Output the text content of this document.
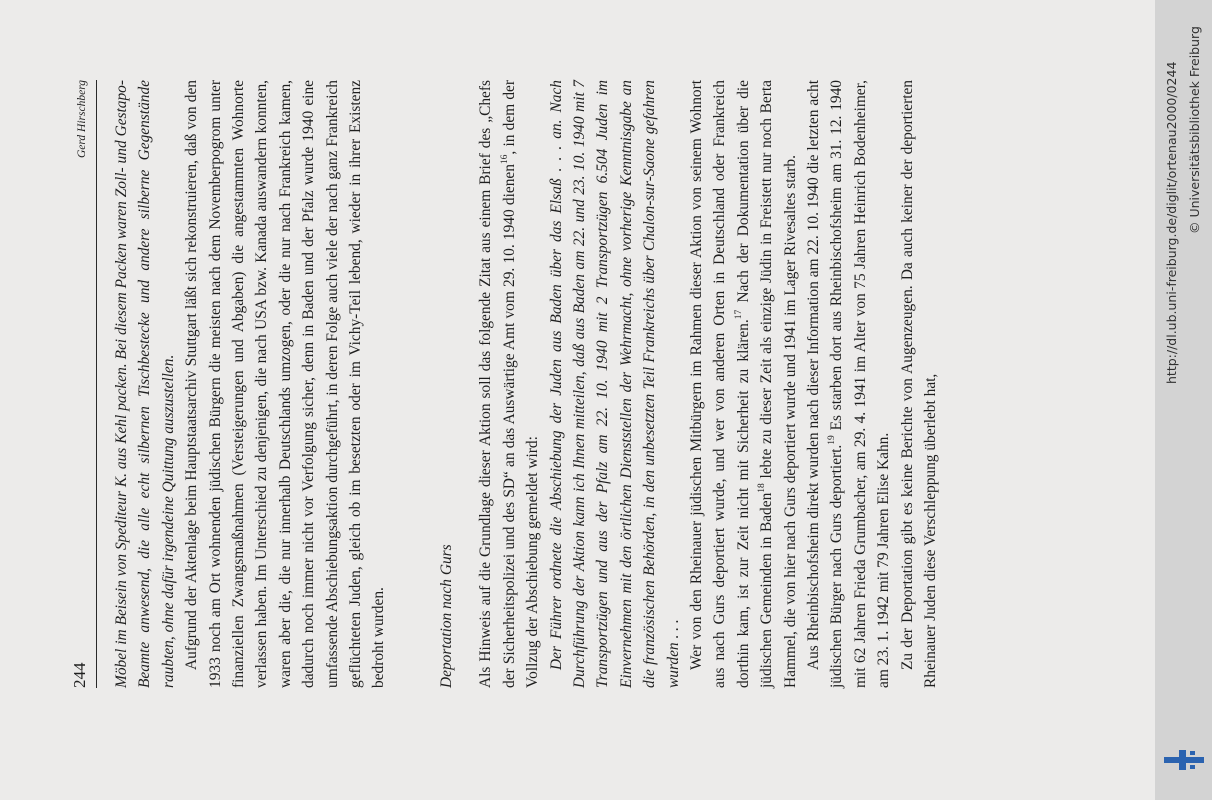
244
Gerd Hirschberg Möbel im Beisein von Spediteur K. aus Kehl packen. Bei diesem Packen waren Zoll- und Gestapo-Beamte anwesend, die alle echt silbernen Tischbestecke und andere silberne Gegenstände raubten, ohne dafür irgendeine Quittung auszustellen. Aufgrund der Aktenlage beim Hauptstaatsarchiv Stuttgart läßt sich rekonstruieren, daß von den 1933 noch am Ort wohnenden jüdischen Bürgern die meisten nach dem Novemberpogrom unter finanziellen Zwangsmaßnahmen (Versteigerungen und Abgaben) die angestammten Wohnorte verlassen haben. Im Unterschied zu denjenigen, die nach USA bzw. Kanada auswandern konnten, waren aber die, die nur innerhalb Deutschlands umzogen, oder die nur nach Frankreich kamen, dadurch noch immer nicht vor Verfolgung sicher, denn in Baden und der Pfalz wurde 1940 eine umfassende Abschiebungsaktion durchgeführt, in deren Folge auch viele der nach ganz Frankreich geflüchteten Juden, gleich ob im besetzten oder im Vichy-Teil lebend, wieder in ihrer Existenz bedroht wurden.	Deportation nach Gurs Als Hinweis auf die Grundlage dieser Aktion soll das folgende Zitat aus einem Brief des „Chefs der Sicherheitspolizei und des SD“ an das Auswärtige Amt vom 29. 10. 1940 dienen$^{16}$, in dem der Vollzug der Abschiebung gemeldet wird: Der Führer ordnete die Abschiebung der Juden aus Baden über das Elsaß . . . an. Nach Durchführung der Aktion kann ich Ihnen mitteilen, daß aus Baden am 22. und 23. 10. 1940 mit 7 Transportzügen und aus der Pfalz am 22. 10. 1940 mit 2 Transportzügen 6.504 Juden im Einvernehmen mit den örtlichen Dienststellen der Wehrmacht, ohne vorherige Kenntnisgabe an die französischen Behörden, in den unbesetzten Teil Frankreichs über Chalon-sur-Saone gefahren wurden . . . Wer von den Rheinauer jüdischen Mitbürgern im Rahmen dieser Aktion von seinem Wohnort aus nach Gurs deportiert wurde, und wer von anderen Orten in Deutschland oder Frankreich dorthin kam, ist zur Zeit nicht mit Sicherheit zu klären.$^{17}$ Nach der Dokumentation über die jüdischen Gemeinden in Baden$^{18}$ lebte zu dieser Zeit als einzige Jüdin in Freistett nur noch Berta Hammel, die von hier nach Gurs deportiert wurde und 1941 im Lager Rivesaltes starb. Aus Rheinbischofsheim direkt wurden nach dieser Information am 22. 10. 1940 die letzten acht jüdischen Bürger nach Gurs deportiert.$^{19}$ Es starben dort aus Rheinbischofsheim am 31. 12. 1940 mit 62 Jahren Frieda Grumbacher, am 29. 4. 1941 im Alter von 75 Jahren Heinrich Bodenheimer, am 23. 1. 1942 mit 79 Jahren Elise Kahn. Zu der Deportation gibt es keine Berichte von Augenzeugen. Da auch keiner der deportierten Rheinauer Juden diese Verschleppung überlebt hat,

http://dl.ub.uni-freiburg.de/diglit/ortenau2000/0244 © Universitätsbibliothek Freiburg
